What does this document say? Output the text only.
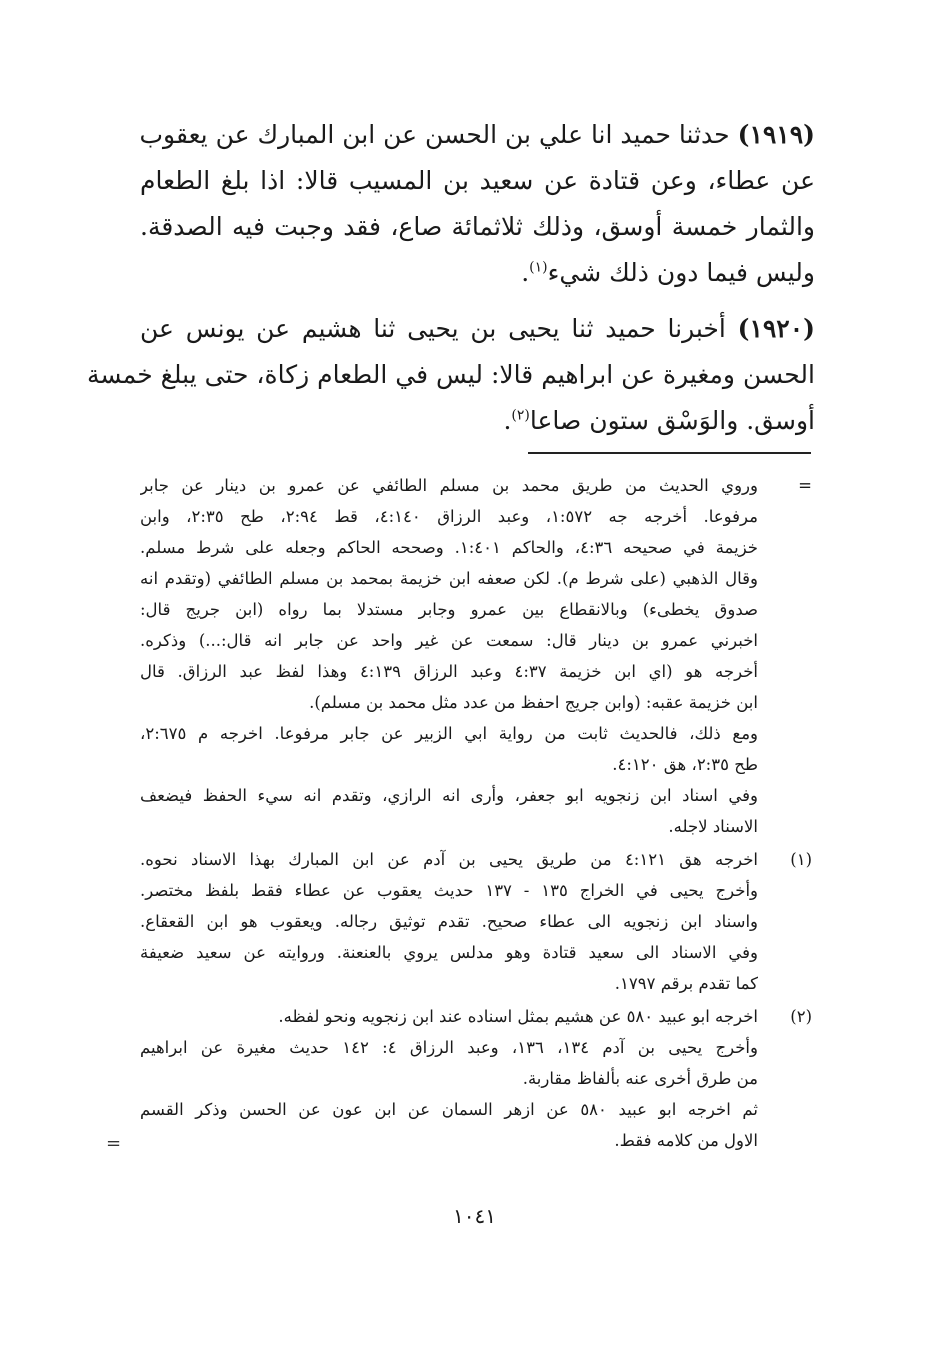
(١٩١٩) حدثنا حميد انا علي بن الحسن عن ابن المبارك عن يعقوب
عن عطاء، وعن قتادة عن سعيد بن المسيب قالا: اذا بلغ الطعام
والثمار خمسة أوسق، وذلك ثلاثمائة صاع، فقد وجبت فيه الصدقة.
وليس فيما دون ذلك شيء$^{(١)}$.

(١٩٢٠) أخبرنا حميد ثنا يحيى بن يحيى ثنا هشيم عن يونس عن
الحسن ومغيرة عن ابراهيم قالا: ليس في الطعام زكاة، حتى يبلغ خمسة
أوسق. والوَسْق ستون صاعا$^{(٢)}$.

=
وروي الحديث من طريق محمد بن مسلم الطائفي عن عمرو بن دينار عن جابر
مرفوعا. أخرجه جه ١:٥٧٢، وعبد الرزاق ٤:١٤٠، قط ٢:٩٤، طح ٢:٣٥، وابن
خزيمة في صحيحه ٤:٣٦، والحاكم ١:٤٠١. وصححه الحاكم وجعله على شرط مسلم.
وقال الذهبي (على شرط م). لكن صعفه ابن خزيمة بمحمد بن مسلم الطائفي (وتقدم انه
صدوق يخطىء) وبالانقطاع بين عمرو وجابر مستدلا بما رواه (ابن جريج قال:
اخبرني عمرو بن دينار قال: سمعت عن غير واحد عن جابر انه قال:...) وذكره.
أخرجه هو (اي ابن خزيمة ٤:٣٧ وعبد الرزاق ٤:١٣٩ وهذا لفظ عبد الرزاق. قال
ابن خزيمة عقبه: (وابن جريج احفظ من عدد مثل محمد بن مسلم).
ومع ذلك، فالحديث ثابت من رواية ابي الزبير عن جابر مرفوعا. اخرجه م ٢:٦٧٥،
طح ٢:٣٥، هق ٤:١٢٠.
وفي اسناد ابن زنجويه ابو جعفر، وأرى انه الرازي، وتقدم انه سيء الحفظ فيضعف
الاسناد لاجله.
(١)
اخرجه هق ٤:١٢١ من طريق يحيى بن آدم عن ابن المبارك بهذا الاسناد نحوه.
وأخرج يحيى في الخراج ١٣٥ - ١٣٧ حديث يعقوب عن عطاء فقط بلفظ مختصر.
واسناد ابن زنجويه الى عطاء صحيح. تقدم توثيق رجاله. ويعقوب هو ابن القعقاع.
وفي الاسناد الى سعيد قتادة وهو مدلس يروي بالعنعنة. وروايته عن سعيد ضعيفة
كما تقدم برقم ١٧٩٧.
(٢)
اخرجه ابو عبيد ٥٨٠ عن هشيم بمثل اسناده عند ابن زنجويه ونحو لفظه.
وأخرج يحيى بن آدم ١٣٤، ١٣٦، وعبد الرزاق ٤: ١٤٢ حديث مغيرة عن ابراهيم
من طرق أخرى عنه بألفاظ مقاربة.
ثم اخرجه ابو عبيد ٥٨٠ عن ازهر السمان عن ابن عون عن الحسن وذكر القسم
الاول من كلامه فقط.
=
١٠٤١
